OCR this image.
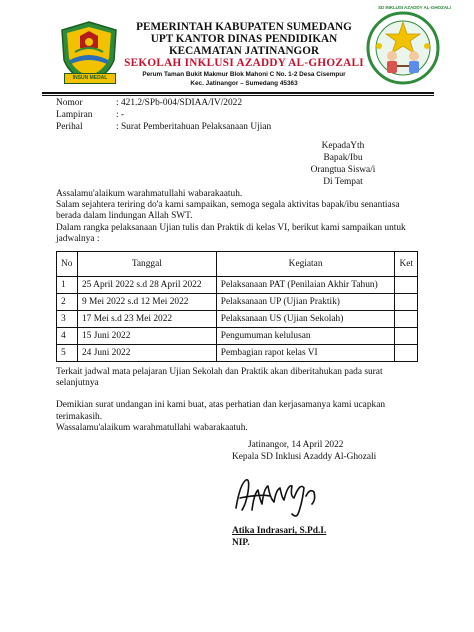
INSUN MEDAL
PEMERINTAH KABUPATEN SUMEDANG
UPT KANTOR DINAS PENDIDIKAN
KECAMATAN JATINANGOR
SEKOLAH INKLUSI AZADDY AL-GHOZALI
Perum Taman Bukit Makmur Blok Mahoni C No. 1-2 Desa Cisempur
Kec. Jatinangor – Sumedang 45363
SD INKLUSI AZADDY AL-GHOZALI
Nomor	: 421.2/SPb-004/SDIAA/IV/2022
Lampiran	: -
Perihal	: Surat Pemberitahuan Pelaksanaan Ujian
KepadaYth
Bapak/Ibu
Orangtua Siswa/i
Di Tempat
Assalamu'alaikum warahmatullahi wabarakaatuh.
Salam sejahtera teriring do'a kami sampaikan, semoga segala aktivitas bapak/ibu senantiasa
berada dalam lindungan Allah SWT.
Dalam rangka pelaksanaan Ujian tulis dan Praktik di kelas VI, berikut kami sampaikan untuk
jadwalnya :
No	Tanggal	Kegiatan	Ket
1	25 April 2022 s.d 28 April 2022	Pelaksanaan PAT (Penilaian Akhir Tahun)	
2	9 Mei 2022 s.d 12 Mei 2022	Pelaksanaan UP (Ujian Praktik)	
3	17 Mei s.d 23 Mei 2022	Pelaksanaan US (Ujian Sekolah)	
4	15 Juni 2022	Pengumuman kelulusan	
5	24 Juni 2022	Pembagian rapot kelas VI	
Terkait jadwal mata pelajaran Ujian Sekolah dan Praktik akan diberitahukan pada surat
selanjutnya
Demikian surat undangan ini kami buat, atas perhatian dan kerjasamanya kami ucapkan
terimakasih.
Wassalamu'alaikum warahmatullahi wabarakaatuh.
Jatinangor, 14 April 2022
Kepala SD Inklusi Azaddy Al-Ghozali
Atika Indrasari, S.Pd.I.
NIP.
